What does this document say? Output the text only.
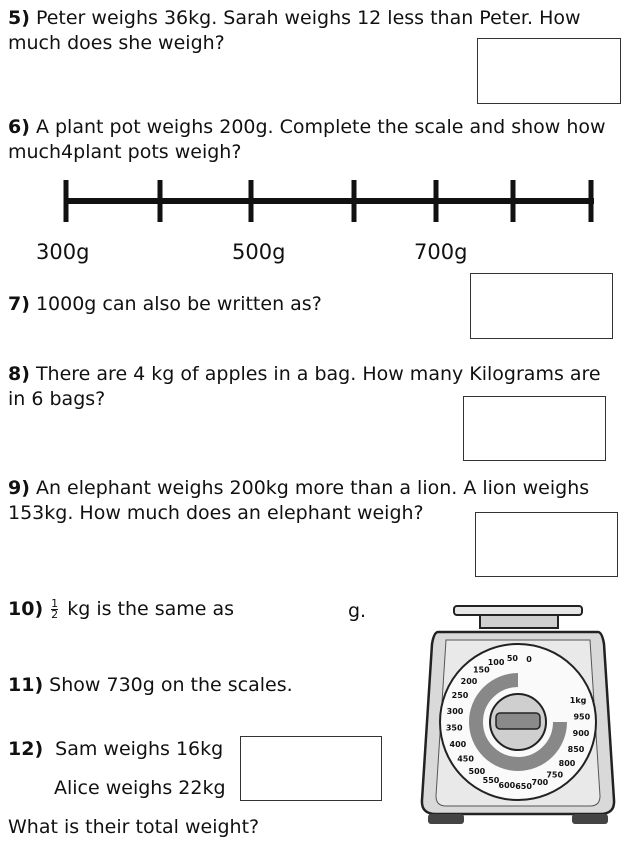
5) Peter weighs 36kg. Sarah weighs 12 less than Peter. How much does she weigh?
6) A plant pot weighs 200g. Complete the scale and show how much4plant pots weigh?
300g	500g	700g
7) 1000g can also be written as?
8) There are 4 kg of apples in a bag. How many Kilograms are in 6 bags?
9) An elephant weighs 200kg more than a lion. A lion weighs 153kg. How much does an elephant weigh?
$10) \frac{1}{2}$ kg is the same as	g.
11) Show 730g on the scales.
12) Sam weighs 16kg
Alice weighs 22kg
What is their total weight?
0
50
100
150
200
250
300
350
400
450
500
550
600 650 700
750
800
850
900
950
1kg
